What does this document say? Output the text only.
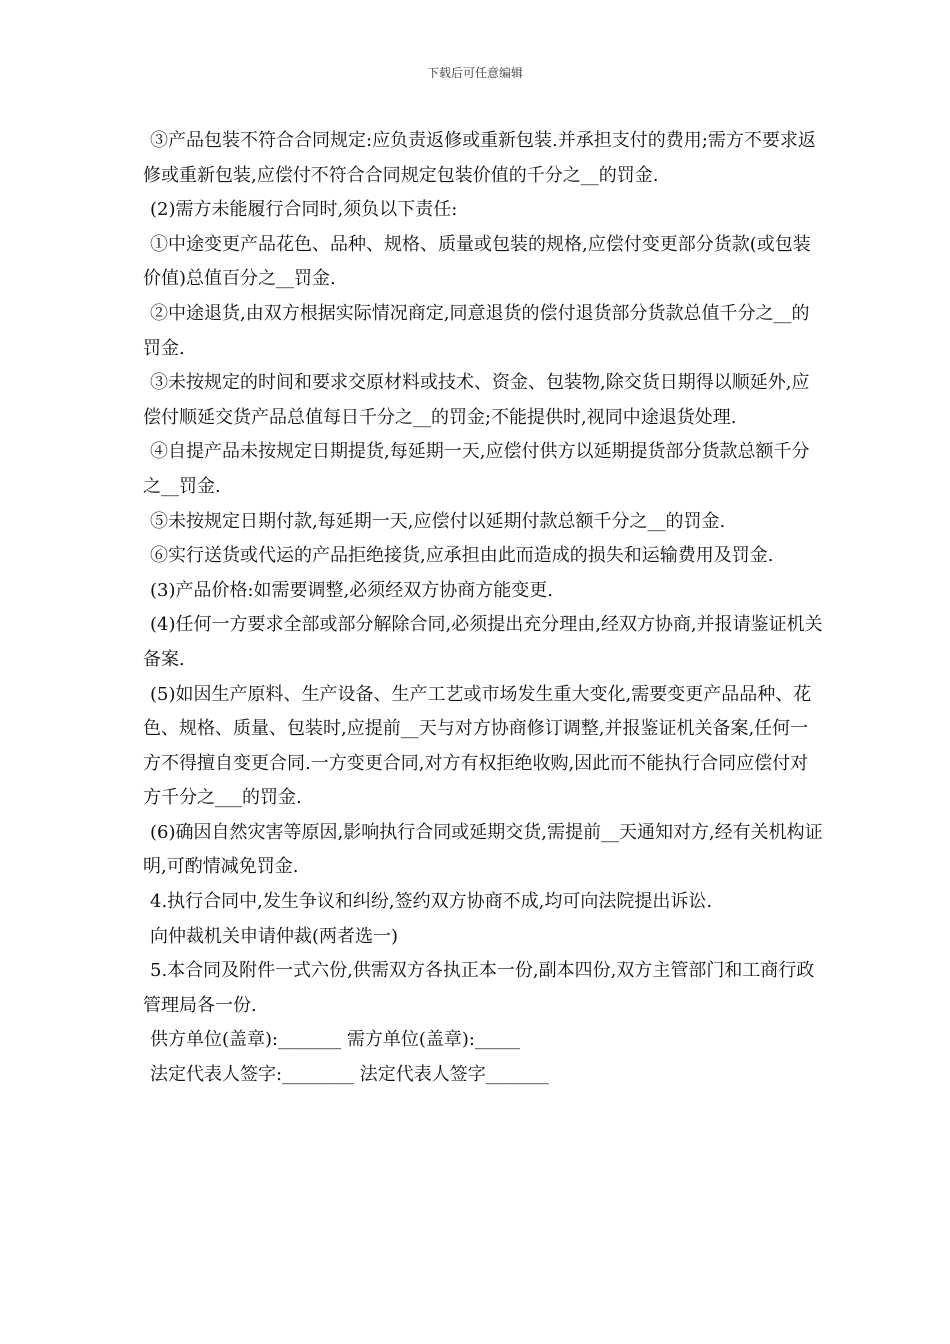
下载后可任意编辑

③产品包装不符合合同规定:应负责返修或重新包装.并承担支付的费用;需方不要求返修或重新包装,应偿付不符合合同规定包装价值的千分之__的罚金.

(2)需方未能履行合同时,须负以下责任:

①中途变更产品花色、品种、规格、质量或包装的规格,应偿付变更部分货款(或包装价值)总值百分之__罚金.

②中途退货,由双方根据实际情况商定,同意退货的偿付退货部分货款总值千分之__的罚金.

③未按规定的时间和要求交原材料或技术、资金、包装物,除交货日期得以顺延外,应偿付顺延交货产品总值每日千分之__的罚金;不能提供时,视同中途退货处理.

④自提产品未按规定日期提货,每延期一天,应偿付供方以延期提货部分货款总额千分之__罚金.

⑤未按规定日期付款,每延期一天,应偿付以延期付款总额千分之__的罚金.

⑥实行送货或代运的产品拒绝接货,应承担由此而造成的损失和运输费用及罚金.

(3)产品价格:如需要调整,必须经双方协商方能变更.

(4)任何一方要求全部或部分解除合同,必须提出充分理由,经双方协商,并报请鉴证机关备案.

(5)如因生产原料、生产设备、生产工艺或市场发生重大变化,需要变更产品品种、花色、规格、质量、包装时,应提前__天与对方协商修订调整,并报鉴证机关备案,任何一方不得擅自变更合同.一方变更合同,对方有权拒绝收购,因此而不能执行合同应偿付对方千分之___的罚金.

(6)确因自然灾害等原因,影响执行合同或延期交货,需提前__天通知对方,经有关机构证明,可酌情减免罚金.

4.执行合同中,发生争议和纠纷,签约双方协商不成,均可向法院提出诉讼.

向仲裁机关申请仲裁(两者选一)

5.本合同及附件一式六份,供需双方各执正本一份,副本四份,双方主管部门和工商行政管理局各一份.

供方单位(盖章):_______ 需方单位(盖章):_____

法定代表人签字:________ 法定代表人签字_______
